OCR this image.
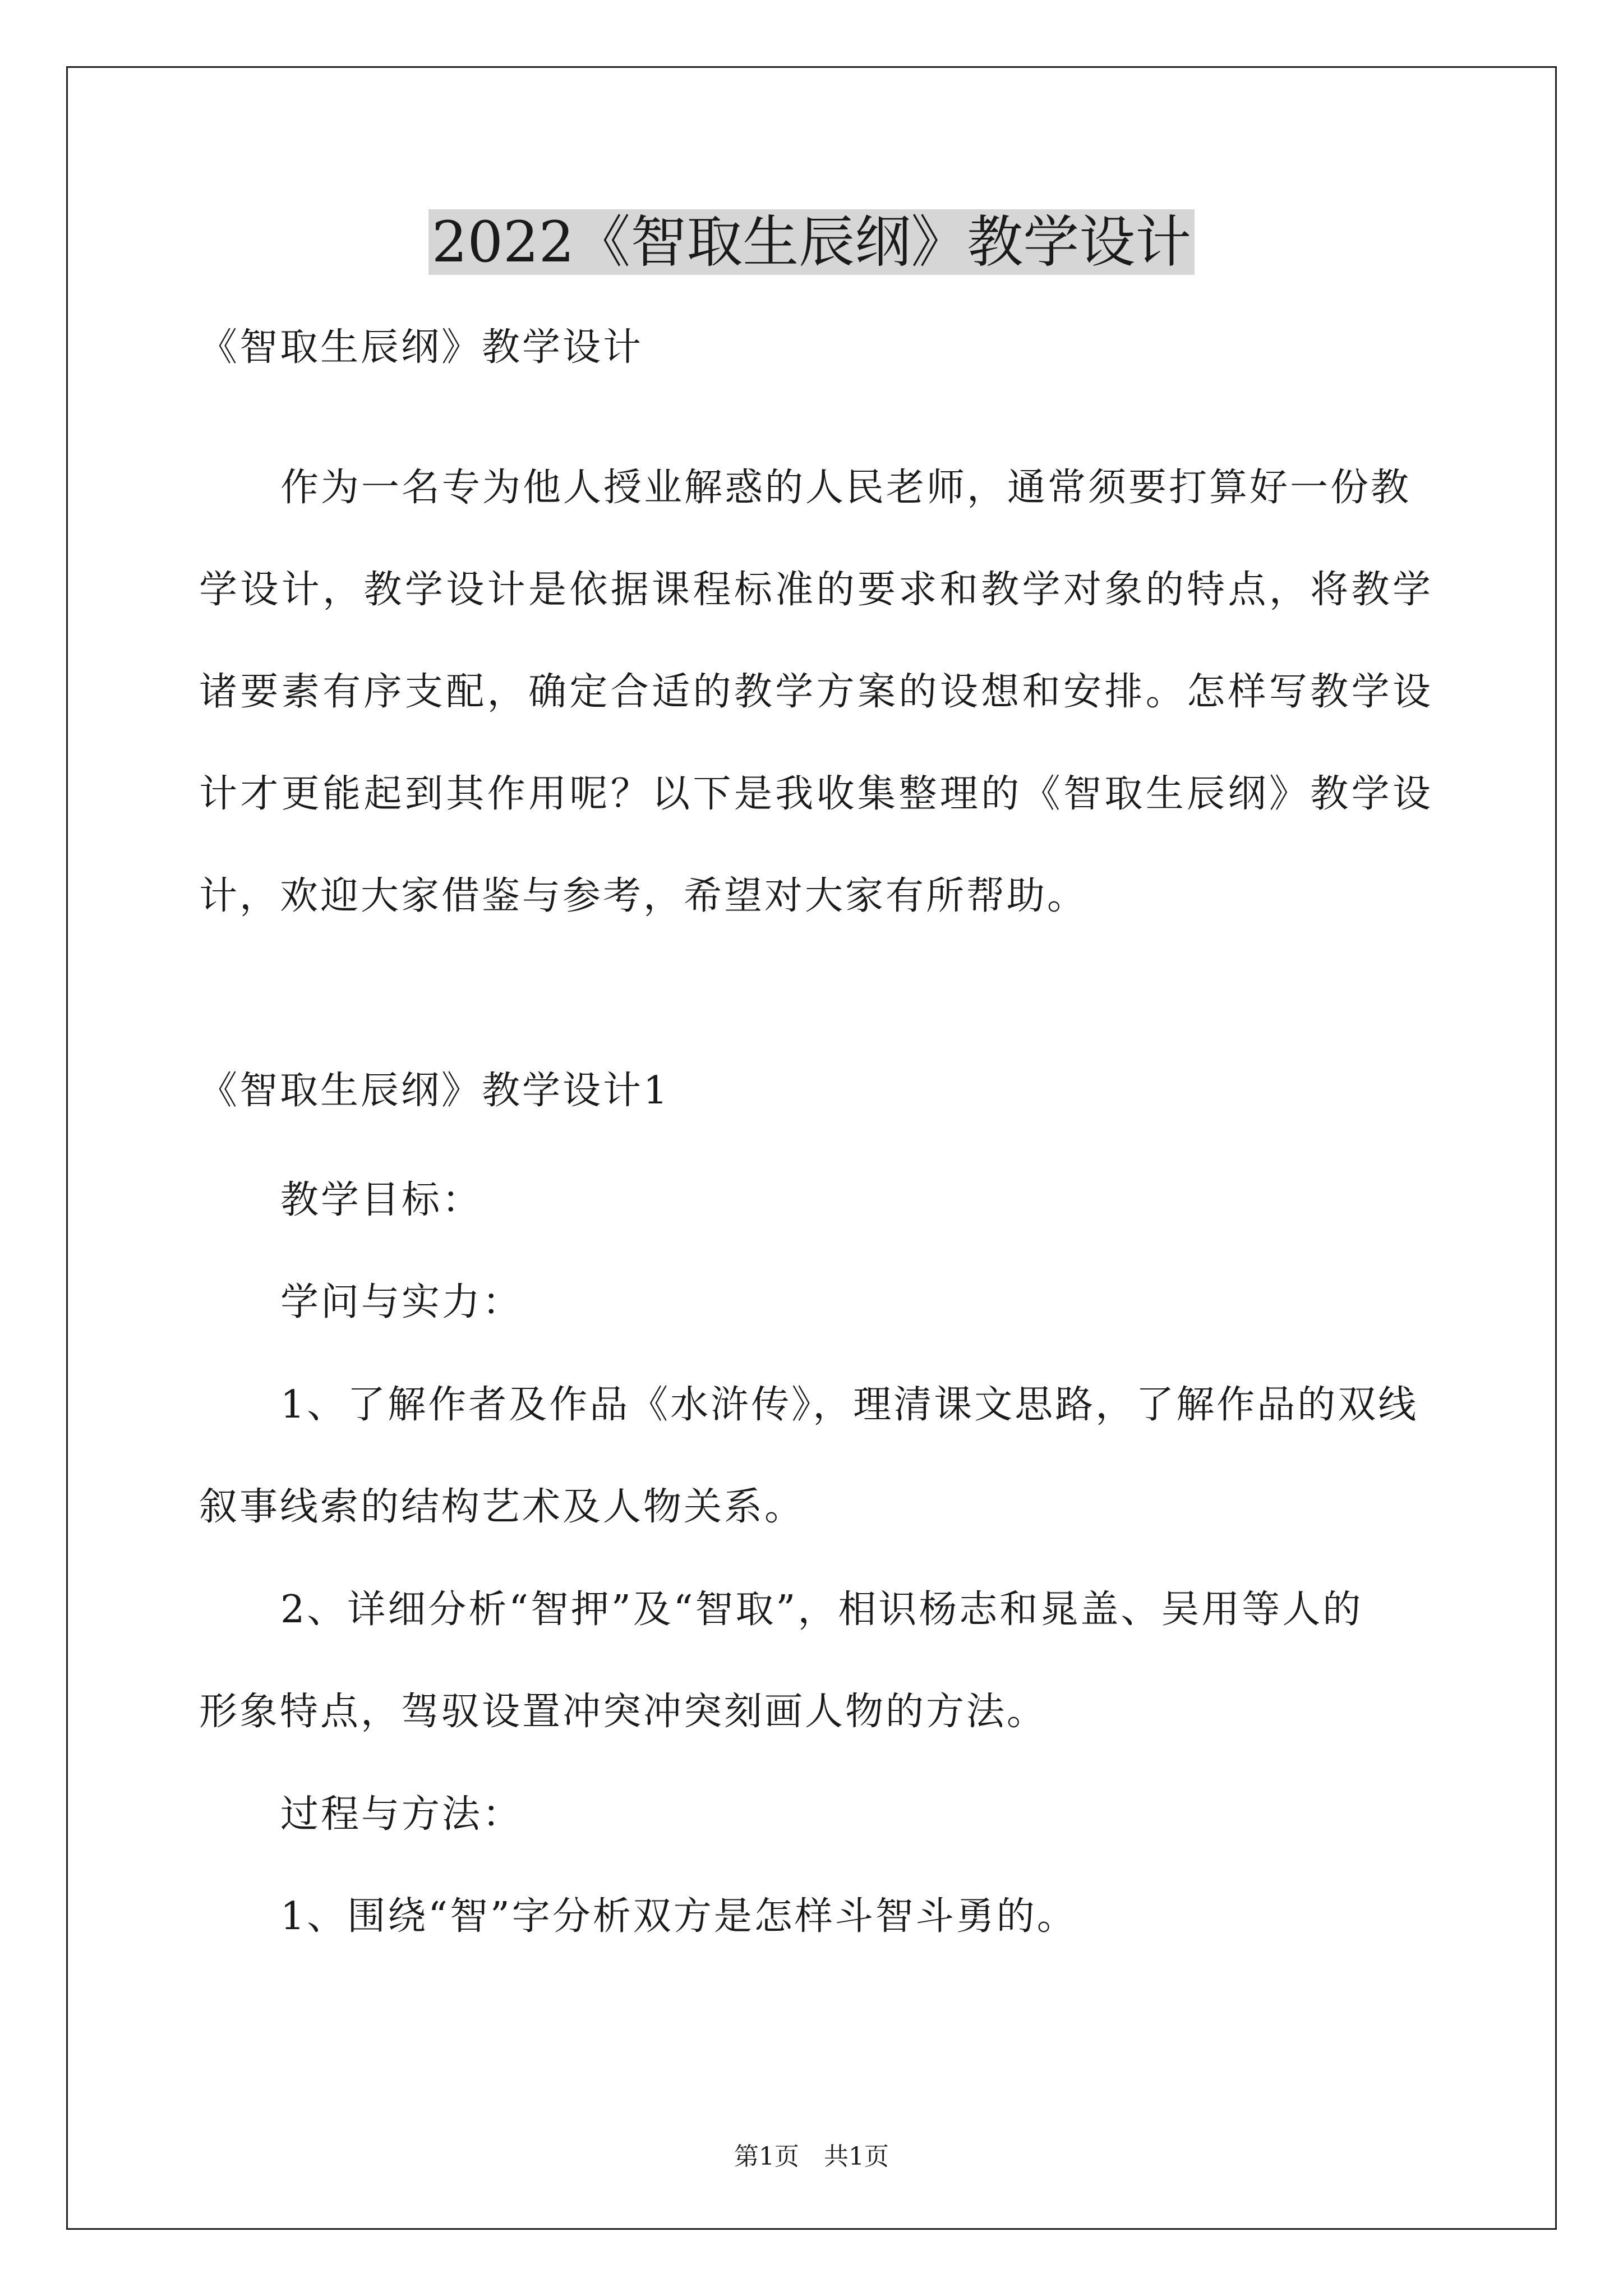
2022《智取生辰纲》教学设计

《智取生辰纲》教学设计

作为一名专为他人授业解惑的人民老师，通常须要打算好一份教

学设计，教学设计是依据课程标准的要求和教学对象的特点，将教学

诸要素有序支配，确定合适的教学方案的设想和安排。怎样写教学设

计才更能起到其作用呢？以下是我收集整理的《智取生辰纲》教学设

计，欢迎大家借鉴与参考，希望对大家有所帮助。

《智取生辰纲》教学设计1

教学目标：

学问与实力：

1、了解作者及作品《水浒传》，理清课文思路，了解作品的双线

叙事线索的结构艺术及人物关系。

2、详细分析“智押”及“智取”，相识杨志和晁盖、吴用等人的

形象特点，驾驭设置冲突冲突刻画人物的方法。

过程与方法：

1、围绕“智”字分析双方是怎样斗智斗勇的。

第1页　共1页
